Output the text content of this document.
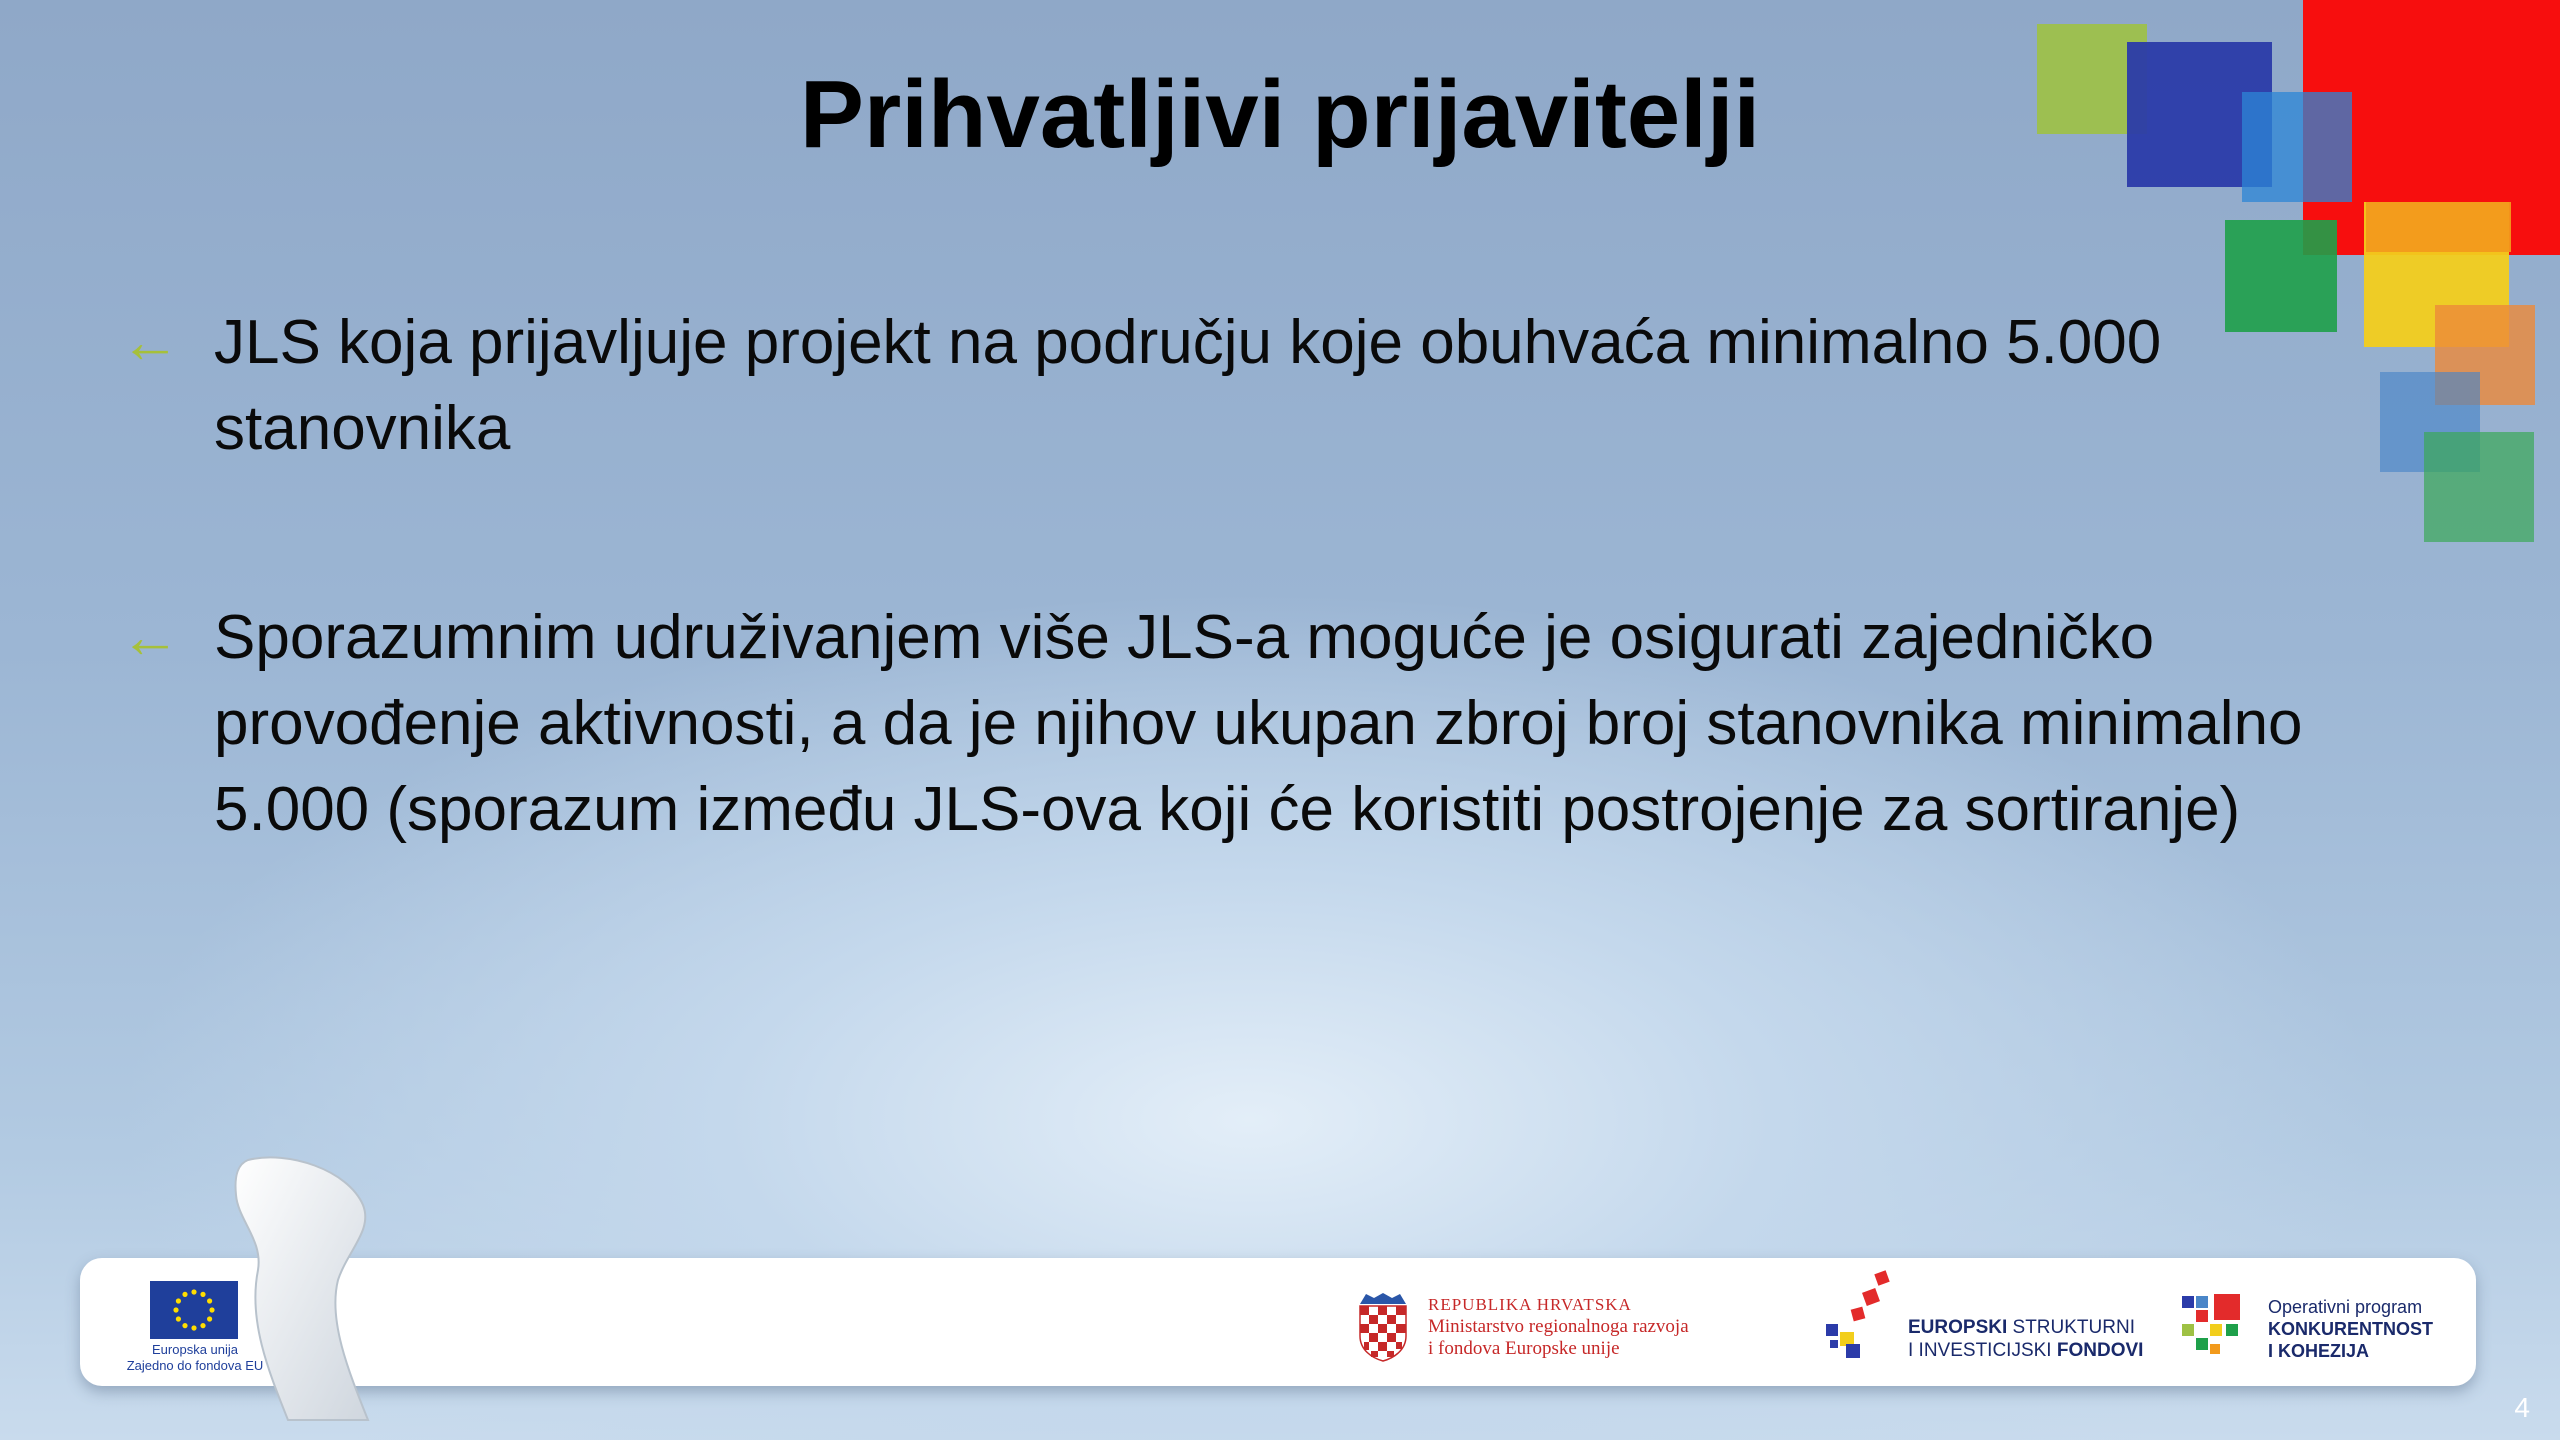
Prihvatljivi prijavitelji
← JLS koja prijavljuje projekt na području koje obuhvaća minimalno 5.000 stanovnika
← Sporazumnim udruživanjem više JLS-a moguće je osigurati zajedničko provođenje aktivnosti, a da je njihov ukupan zbroj broj stanovnika minimalno 5.000 (sporazum između JLS-ova koji će koristiti postrojenje za sortiranje)
Europska unija
Zajedno do fondova EU
REPUBLIKA HRVATSKA
Ministarstvo regionalnoga razvoja
i fondova Europske unije
EUROPSKI STRUKTURNI
I INVESTICIJSKI FONDOVI
Operativni program
KONKURENTNOST
I KOHEZIJA
4
